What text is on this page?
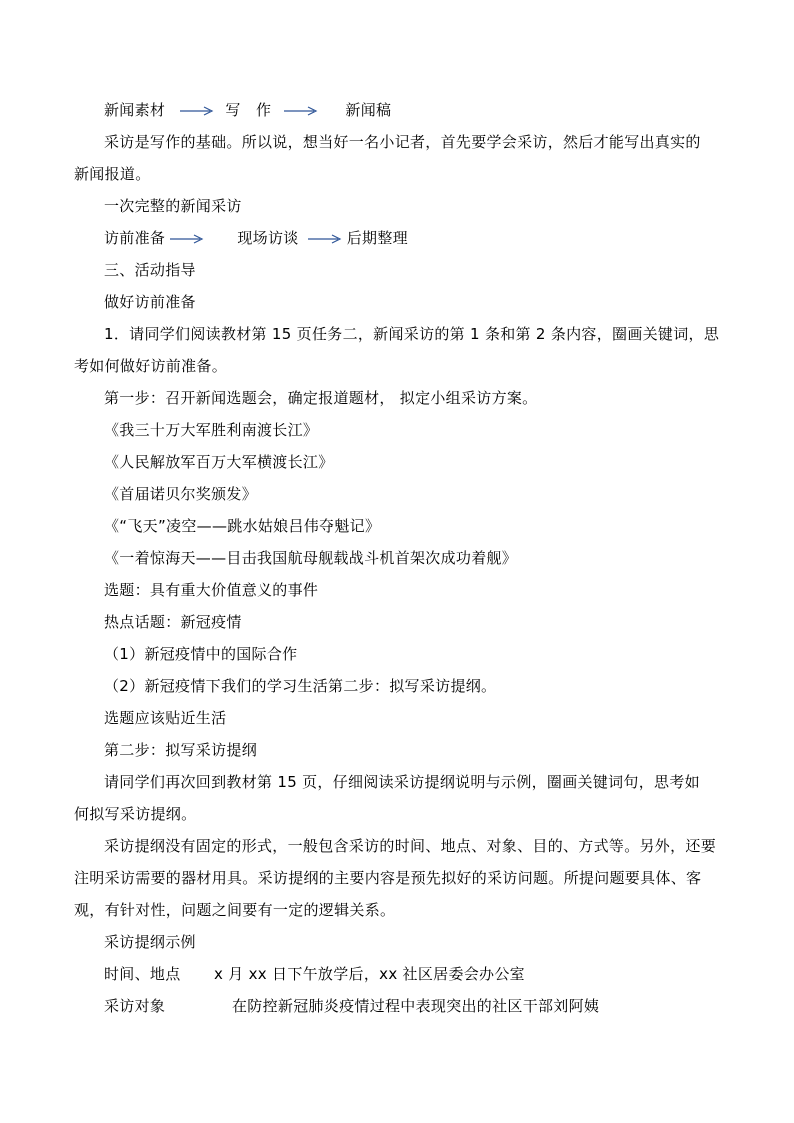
新闻素材	写　作	新闻稿
采访是写作的基础。所以说，想当好一名小记者，首先要学会采访，然后才能写出真实的
新闻报道。
一次完整的新闻采访
访前准备	现场访谈	后期整理
三、活动指导
做好访前准备
1．请同学们阅读教材第 15 页任务二，新闻采访的第 1 条和第 2 条内容，圈画关键词，思
考如何做好访前准备。
第一步：召开新闻选题会，确定报道题材， 拟定小组采访方案。
《我三十万大军胜利南渡长江》
《人民解放军百万大军横渡长江》
《首届诺贝尔奖颁发》
《“飞天”凌空——跳水姑娘吕伟夺魁记》
《一着惊海天——目击我国航母舰载战斗机首架次成功着舰》
选题：具有重大价值意义的事件
热点话题：新冠疫情
（1）新冠疫情中的国际合作
（2）新冠疫情下我们的学习生活第二步：拟写采访提纲。
选题应该贴近生活
第二步：拟写采访提纲
请同学们再次回到教材第 15 页，仔细阅读采访提纲说明与示例，圈画关键词句，思考如
何拟写采访提纲。
采访提纲没有固定的形式，一般包含采访的时间、地点、对象、目的、方式等。另外，还要
注明采访需要的器材用具。采访提纲的主要内容是预先拟好的采访问题。所提问题要具体、客
观，有针对性，问题之间要有一定的逻辑关系。
采访提纲示例
时间、地点 x 月 xx 日下午放学后，xx 社区居委会办公室
采访对象	在防控新冠肺炎疫情过程中表现突出的社区干部刘阿姨
